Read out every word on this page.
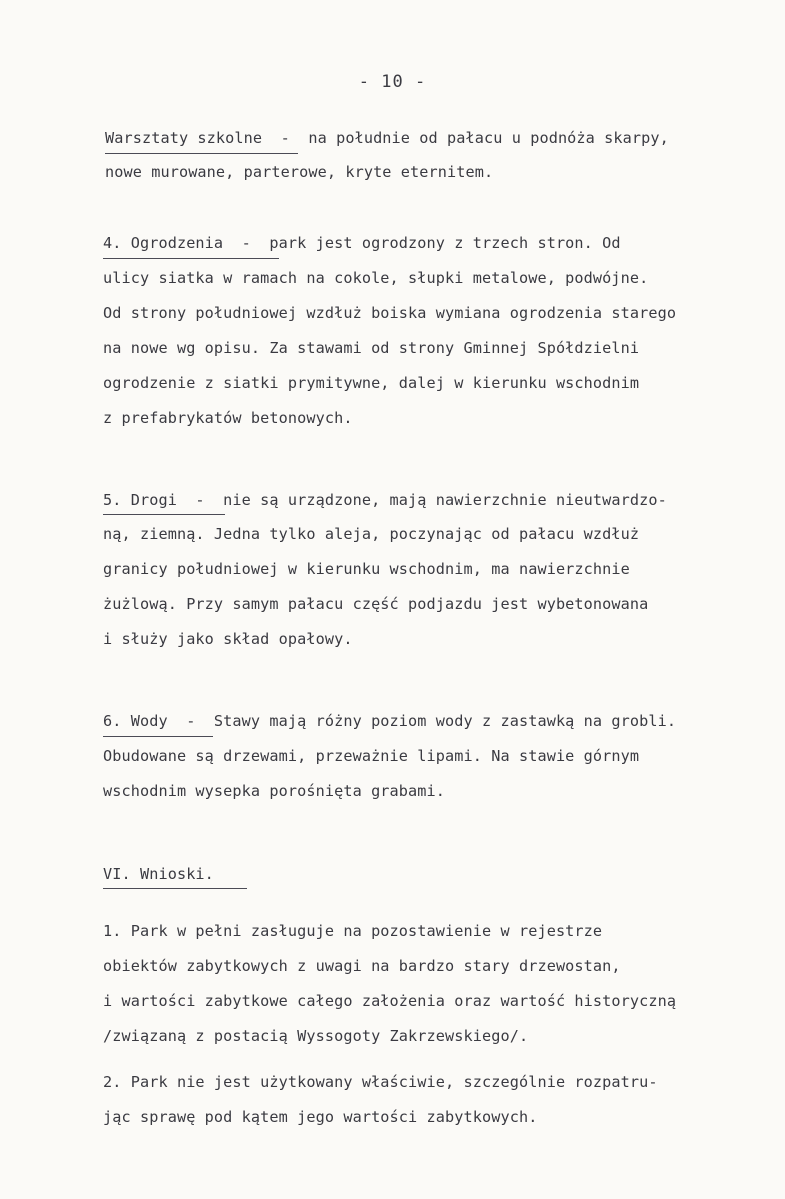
- 10 -
Warsztaty szkolne  -  na południe od pałacu u podnóża skarpy,
nowe murowane, parterowe, kryte eternitem.
4. Ogrodzenia  -  park jest ogrodzony z trzech stron. Od
ulicy siatka w ramach na cokole, słupki metalowe, podwójne.
Od strony południowej wzdłuż boiska wymiana ogrodzenia starego
na nowe wg opisu. Za stawami od strony Gminnej Spółdzielni
ogrodzenie z siatki prymitywne, dalej w kierunku wschodnim
z prefabrykatów betonowych.
5. Drogi  -  nie są urządzone, mają nawierzchnie nieutwardzo-
ną, ziemną. Jedna tylko aleja, poczynając od pałacu wzdłuż
granicy południowej w kierunku wschodnim, ma nawierzchnie
żużlową. Przy samym pałacu część podjazdu jest wybetonowana
i służy jako skład opałowy.
6. Wody  -  Stawy mają różny poziom wody z zastawką na grobli.
Obudowane są drzewami, przeważnie lipami. Na stawie górnym
wschodnim wysepka porośnięta grabami.
VI. Wnioski.
1. Park w pełni zasługuje na pozostawienie w rejestrze
obiektów zabytkowych z uwagi na bardzo stary drzewostan,
i wartości zabytkowe całego założenia oraz wartość historyczną
/związaną z postacią Wyssogoty Zakrzewskiego/.
2. Park nie jest użytkowany właściwie, szczególnie rozpatru-
jąc sprawę pod kątem jego wartości zabytkowych.
